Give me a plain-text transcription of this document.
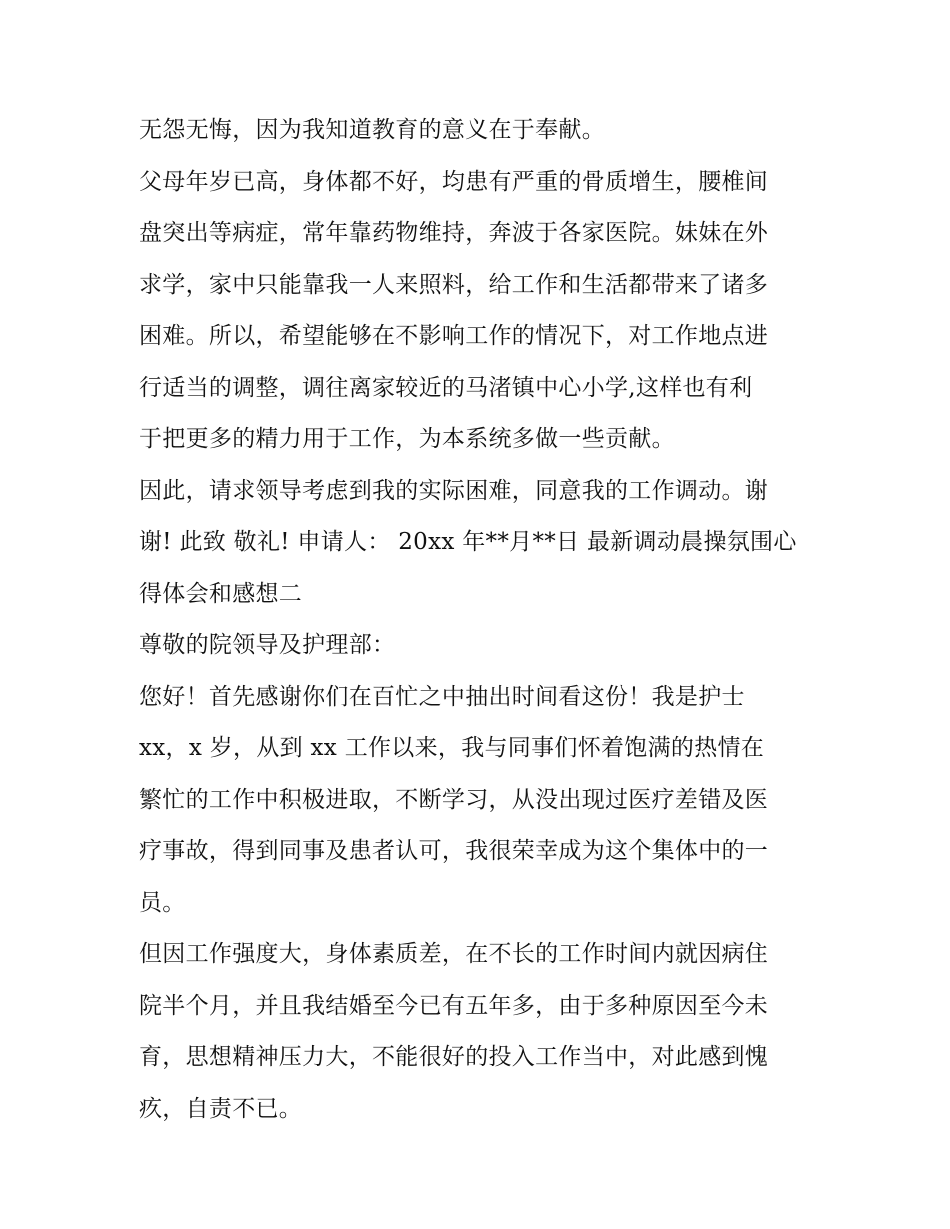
无怨无悔，因为我知道教育的意义在于奉献。
父母年岁已高，身体都不好，均患有严重的骨质增生，腰椎间
盘突出等病症，常年靠药物维持，奔波于各家医院。妹妹在外
求学，家中只能靠我一人来照料，给工作和生活都带来了诸多
困难。所以，希望能够在不影响工作的情况下，对工作地点进
行适当的调整，调往离家较近的马渚镇中心小学,这样也有利
于把更多的精力用于工作，为本系统多做一些贡献。
因此，请求领导考虑到我的实际困难，同意我的工作调动。谢
谢! 此致 敬礼! 申请人： 20xx 年**月**日 最新调动晨操氛围心
得体会和感想二
尊敬的院领导及护理部：
您好！首先感谢你们在百忙之中抽出时间看这份！我是护士
xx，x 岁，从到 xx 工作以来，我与同事们怀着饱满的热情在
繁忙的工作中积极进取，不断学习，从没出现过医疗差错及医
疗事故，得到同事及患者认可，我很荣幸成为这个集体中的一
员。
但因工作强度大，身体素质差，在不长的工作时间内就因病住
院半个月，并且我结婚至今已有五年多，由于多种原因至今未
育，思想精神压力大，不能很好的投入工作当中，对此感到愧
疚，自责不已。
